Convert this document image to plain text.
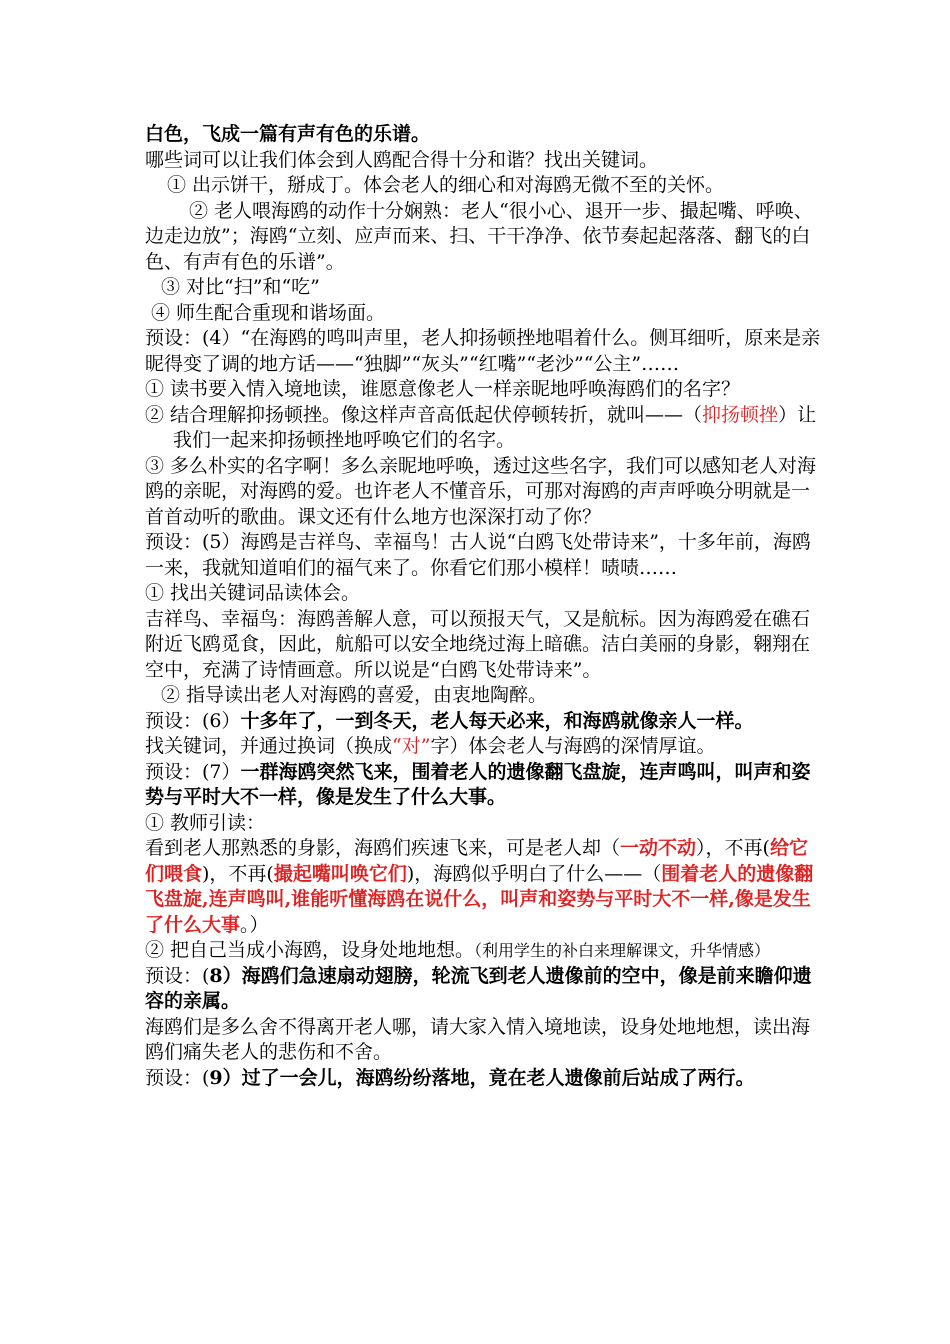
白色，飞成一篇有声有色的乐谱。

哪些词可以让我们体会到人鸥配合得十分和谐？找出关键词。

① 出示饼干，掰成丁。体会老人的细心和对海鸥无微不至的关怀。

② 老人喂海鸥的动作十分娴熟：老人“很小心、退开一步、撮起嘴、呼唤、边走边放”；海鸥“立刻、应声而来、扫、干干净净、依节奏起起落落、翻飞的白色、有声有色的乐谱”。

③ 对比“扫”和“吃”

④ 师生配合重现和谐场面。

预设：(4）“在海鸥的鸣叫声里，老人抑扬顿挫地唱着什么。侧耳细听，原来是亲昵得变了调的地方话——“独脚”“灰头”“红嘴”“老沙”“公主”……

① 读书要入情入境地读，谁愿意像老人一样亲昵地呼唤海鸥们的名字？

② 结合理解抑扬顿挫。像这样声音高低起伏停顿转折，就叫——（抑扬顿挫）让我们一起来抑扬顿挫地呼唤它们的名字。

③ 多么朴实的名字啊！多么亲昵地呼唤，透过这些名字，我们可以感知老人对海鸥的亲昵，对海鸥的爱。也许老人不懂音乐，可那对海鸥的声声呼唤分明就是一首首动听的歌曲。课文还有什么地方也深深打动了你？

预设：(5）海鸥是吉祥鸟、幸福鸟！古人说“白鸥飞处带诗来”，十多年前，海鸥一来，我就知道咱们的福气来了。你看它们那小模样！啧啧……

① 找出关键词品读体会。

吉祥鸟、幸福鸟：海鸥善解人意，可以预报天气，又是航标。因为海鸥爱在礁石附近飞鸥觅食，因此，航船可以安全地绕过海上暗礁。洁白美丽的身影，翱翔在空中，充满了诗情画意。所以说是“白鸥飞处带诗来”。

② 指导读出老人对海鸥的喜爱，由衷地陶醉。

预设：(6）十多年了，一到冬天，老人每天必来，和海鸥就像亲人一样。

找关键词，并通过换词（换成“对”字）体会老人与海鸥的深情厚谊。

预设：(7）一群海鸥突然飞来，围着老人的遗像翻飞盘旋，连声鸣叫，叫声和姿势与平时大不一样，像是发生了什么大事。

① 教师引读：

看到老人那熟悉的身影，海鸥们疾速飞来，可是老人却（一动不动），不再(给它们喂食)，不再(撮起嘴叫唤它们)，海鸥似乎明白了什么——（围着老人的遗像翻飞盘旋,连声鸣叫,谁能听懂海鸥在说什么，叫声和姿势与平时大不一样,像是发生了什么大事。）

② 把自己当成小海鸥，设身处地地想。（利用学生的补白来理解课文，升华情感）

预设：(8）海鸥们急速扇动翅膀，轮流飞到老人遗像前的空中，像是前来瞻仰遗容的亲属。

海鸥们是多么舍不得离开老人哪，请大家入情入境地读，设身处地地想，读出海鸥们痛失老人的悲伤和不舍。

预设：(9）过了一会儿，海鸥纷纷落地，竟在老人遗像前后站成了两行。
